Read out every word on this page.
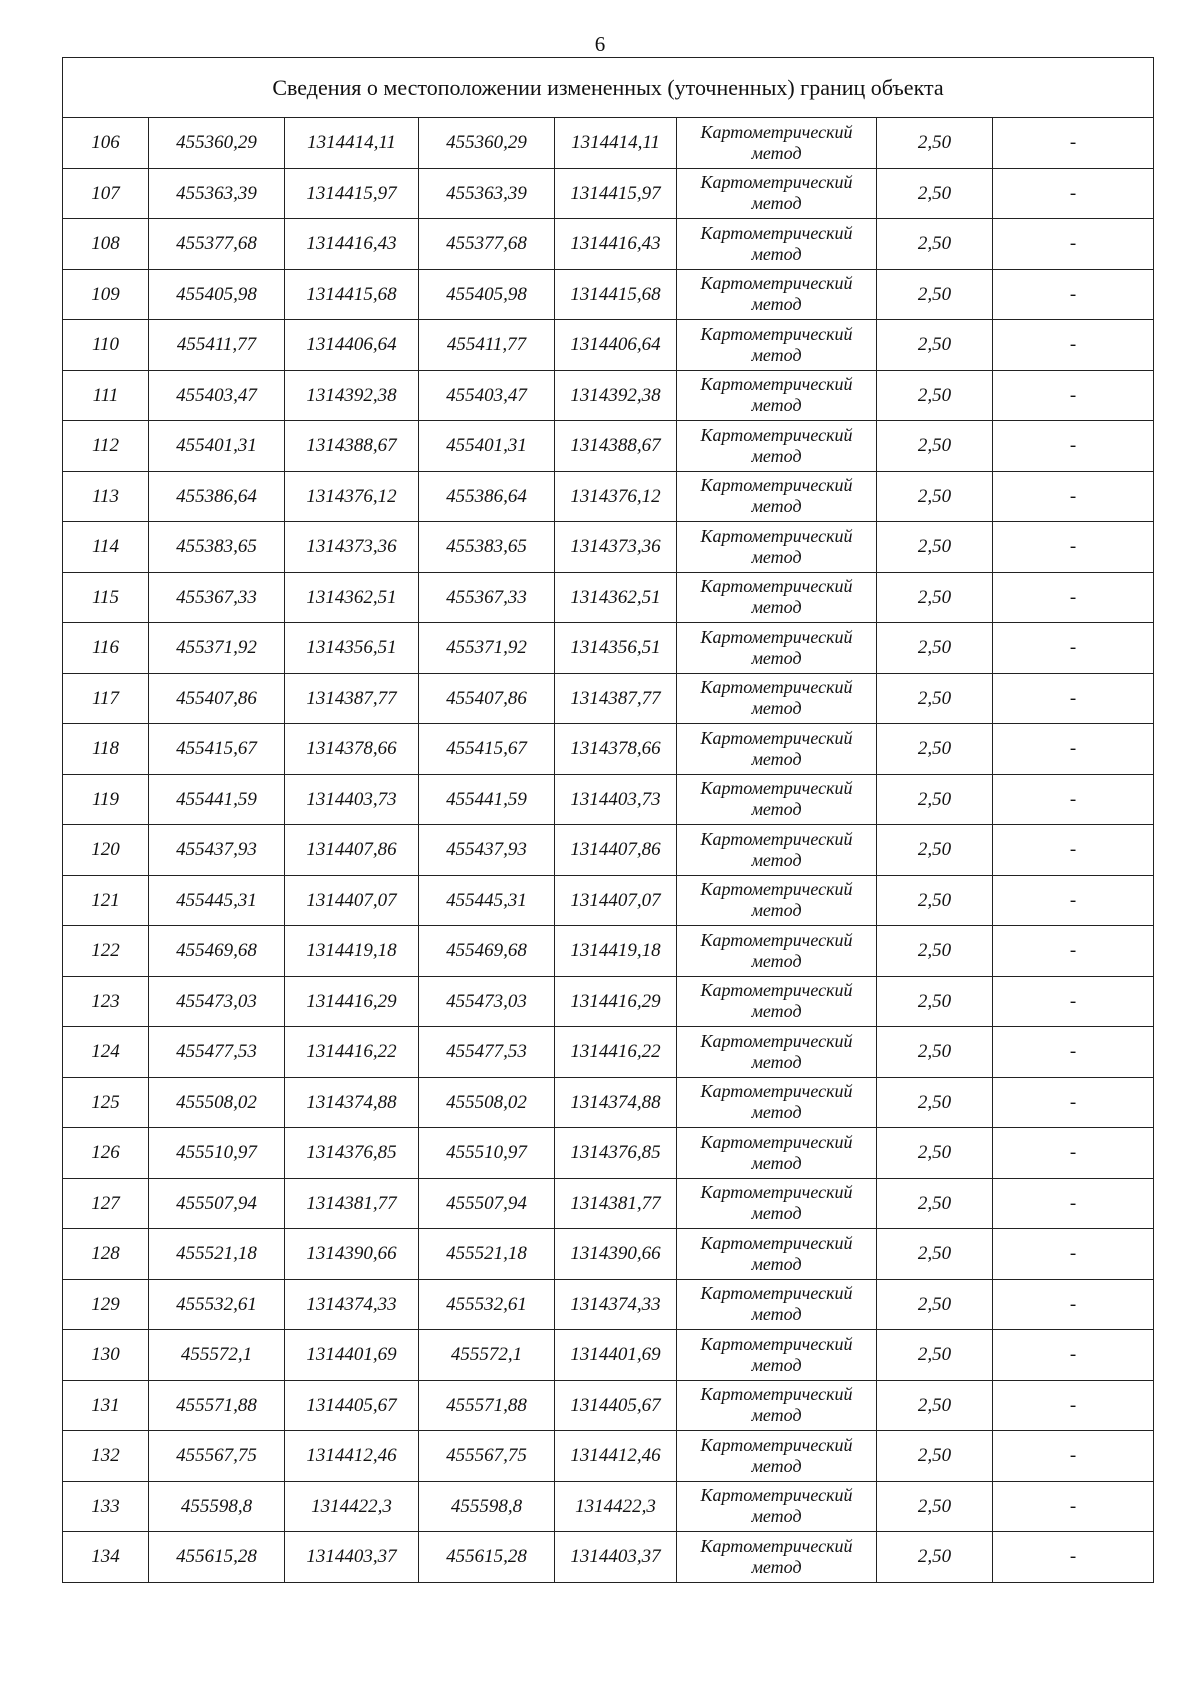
6
Сведения о местоположении измененных (уточненных) границ объекта							
106	455360,29	1314414,11	455360,29	1314414,11	Картометрический метод	2,50	-
107	455363,39	1314415,97	455363,39	1314415,97	Картометрический метод	2,50	-
108	455377,68	1314416,43	455377,68	1314416,43	Картометрический метод	2,50	-
109	455405,98	1314415,68	455405,98	1314415,68	Картометрический метод	2,50	-
110	455411,77	1314406,64	455411,77	1314406,64	Картометрический метод	2,50	-
111	455403,47	1314392,38	455403,47	1314392,38	Картометрический метод	2,50	-
112	455401,31	1314388,67	455401,31	1314388,67	Картометрический метод	2,50	-
113	455386,64	1314376,12	455386,64	1314376,12	Картометрический метод	2,50	-
114	455383,65	1314373,36	455383,65	1314373,36	Картометрический метод	2,50	-
115	455367,33	1314362,51	455367,33	1314362,51	Картометрический метод	2,50	-
116	455371,92	1314356,51	455371,92	1314356,51	Картометрический метод	2,50	-
117	455407,86	1314387,77	455407,86	1314387,77	Картометрический метод	2,50	-
118	455415,67	1314378,66	455415,67	1314378,66	Картометрический метод	2,50	-
119	455441,59	1314403,73	455441,59	1314403,73	Картометрический метод	2,50	-
120	455437,93	1314407,86	455437,93	1314407,86	Картометрический метод	2,50	-
121	455445,31	1314407,07	455445,31	1314407,07	Картометрический метод	2,50	-
122	455469,68	1314419,18	455469,68	1314419,18	Картометрический метод	2,50	-
123	455473,03	1314416,29	455473,03	1314416,29	Картометрический метод	2,50	-
124	455477,53	1314416,22	455477,53	1314416,22	Картометрический метод	2,50	-
125	455508,02	1314374,88	455508,02	1314374,88	Картометрический метод	2,50	-
126	455510,97	1314376,85	455510,97	1314376,85	Картометрический метод	2,50	-
127	455507,94	1314381,77	455507,94	1314381,77	Картометрический метод	2,50	-
128	455521,18	1314390,66	455521,18	1314390,66	Картометрический метод	2,50	-
129	455532,61	1314374,33	455532,61	1314374,33	Картометрический метод	2,50	-
130	455572,1	1314401,69	455572,1	1314401,69	Картометрический метод	2,50	-
131	455571,88	1314405,67	455571,88	1314405,67	Картометрический метод	2,50	-
132	455567,75	1314412,46	455567,75	1314412,46	Картометрический метод	2,50	-
133	455598,8	1314422,3	455598,8	1314422,3	Картометрический метод	2,50	-
134	455615,28	1314403,37	455615,28	1314403,37	Картометрический метод	2,50	-
